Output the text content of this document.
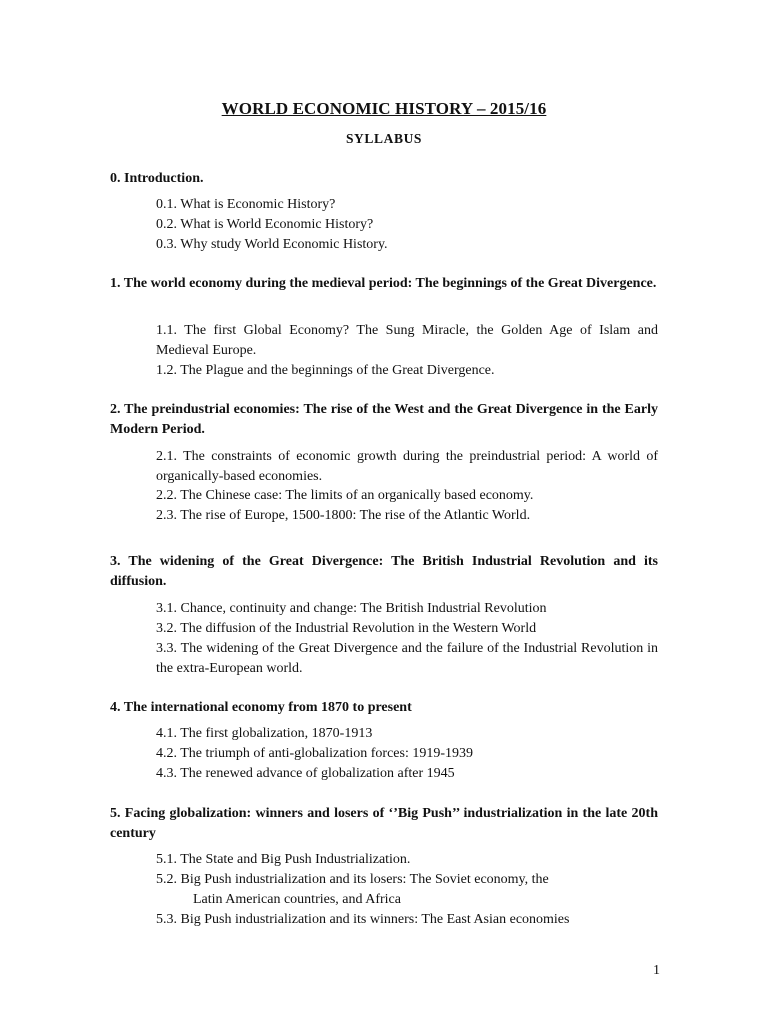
WORLD ECONOMIC HISTORY – 2015/16
SYLLABUS

0. Introduction.

0.1. What is Economic History?

0.2. What is World Economic History?

0.3. Why study World Economic History.

1. The world economy during the medieval period: The beginnings of the Great Divergence.

1.1. The first Global Economy? The Sung Miracle, the Golden Age of Islam and Medieval Europe.

1.2. The Plague and the beginnings of the Great Divergence.

2. The preindustrial economies: The rise of the West and the Great Divergence in the Early Modern Period.

2.1. The constraints of economic growth during the preindustrial period: A world of organically-based economies.

2.2. The Chinese case: The limits of an organically based economy.

2.3. The rise of Europe, 1500-1800: The rise of the Atlantic World.

3. The widening of the Great Divergence: The British Industrial Revolution and its diffusion.

3.1. Chance, continuity and change: The British Industrial Revolution

3.2. The diffusion of the Industrial Revolution in the Western World

3.3. The widening of the Great Divergence and the failure of the Industrial Revolution in the extra-European world.

4. The international economy from 1870 to present

4.1. The first globalization, 1870-1913

4.2. The triumph of anti-globalization forces: 1919-1939

4.3. The renewed advance of globalization after 1945

5. Facing globalization: winners and losers of ‘’Big Push’’ industrialization in the late 20th century

5.1. The State and Big Push Industrialization.

5.2. Big Push industrialization and its losers: The Soviet economy, the

Latin American countries, and Africa

5.3. Big Push industrialization and its winners: The East Asian economies

1
